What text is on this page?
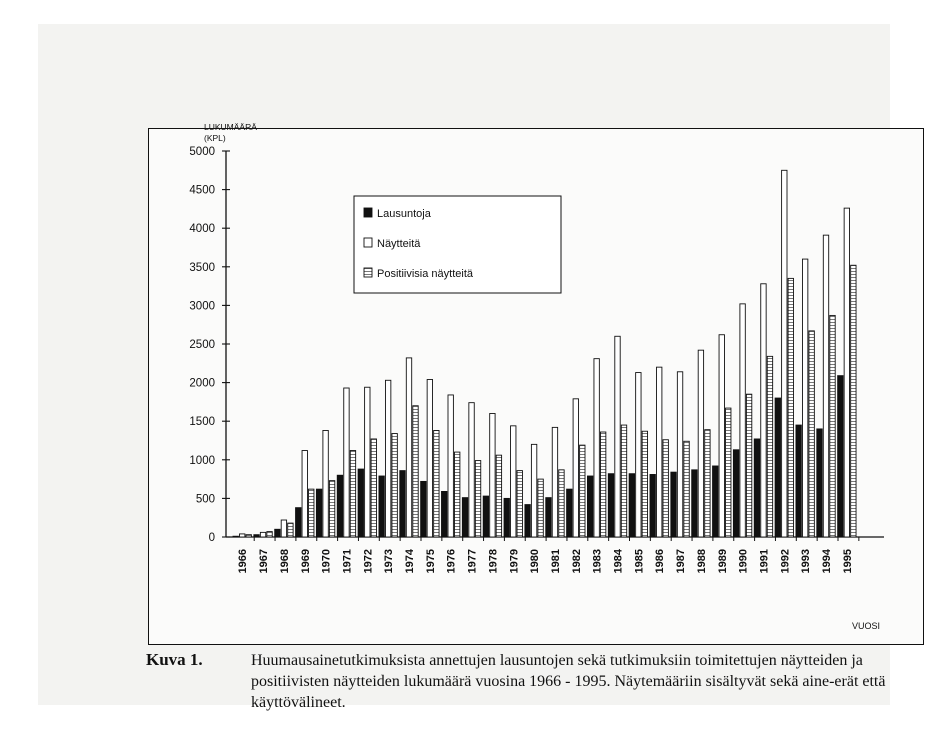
LUKUMÄÄRÄ
(KPL)
0
500
1000
1500
2000
2500
3000
3500
4000
4500
5000
1966 1967 1968 1969 1970 1971 1972 1973 1974 1975 1976 1977 1978 1979 1980 1981 1982 1983 1984 1985 1986 1987 1988 1989 1990 1991 1992 1993 1994 1995
VUOSI
Lausuntoja
Näytteitä
Positiivisia näytteitä
Kuva 1.	Huumausainetutkimuksista annettujen lausuntojen sekä tutkimuksiin toimitettujen näytteiden ja positiivisten näytteiden lukumäärä vuosina 1966 - 1995. Näytemääriin sisältyvät sekä aine-erät että käyttövälineet.
